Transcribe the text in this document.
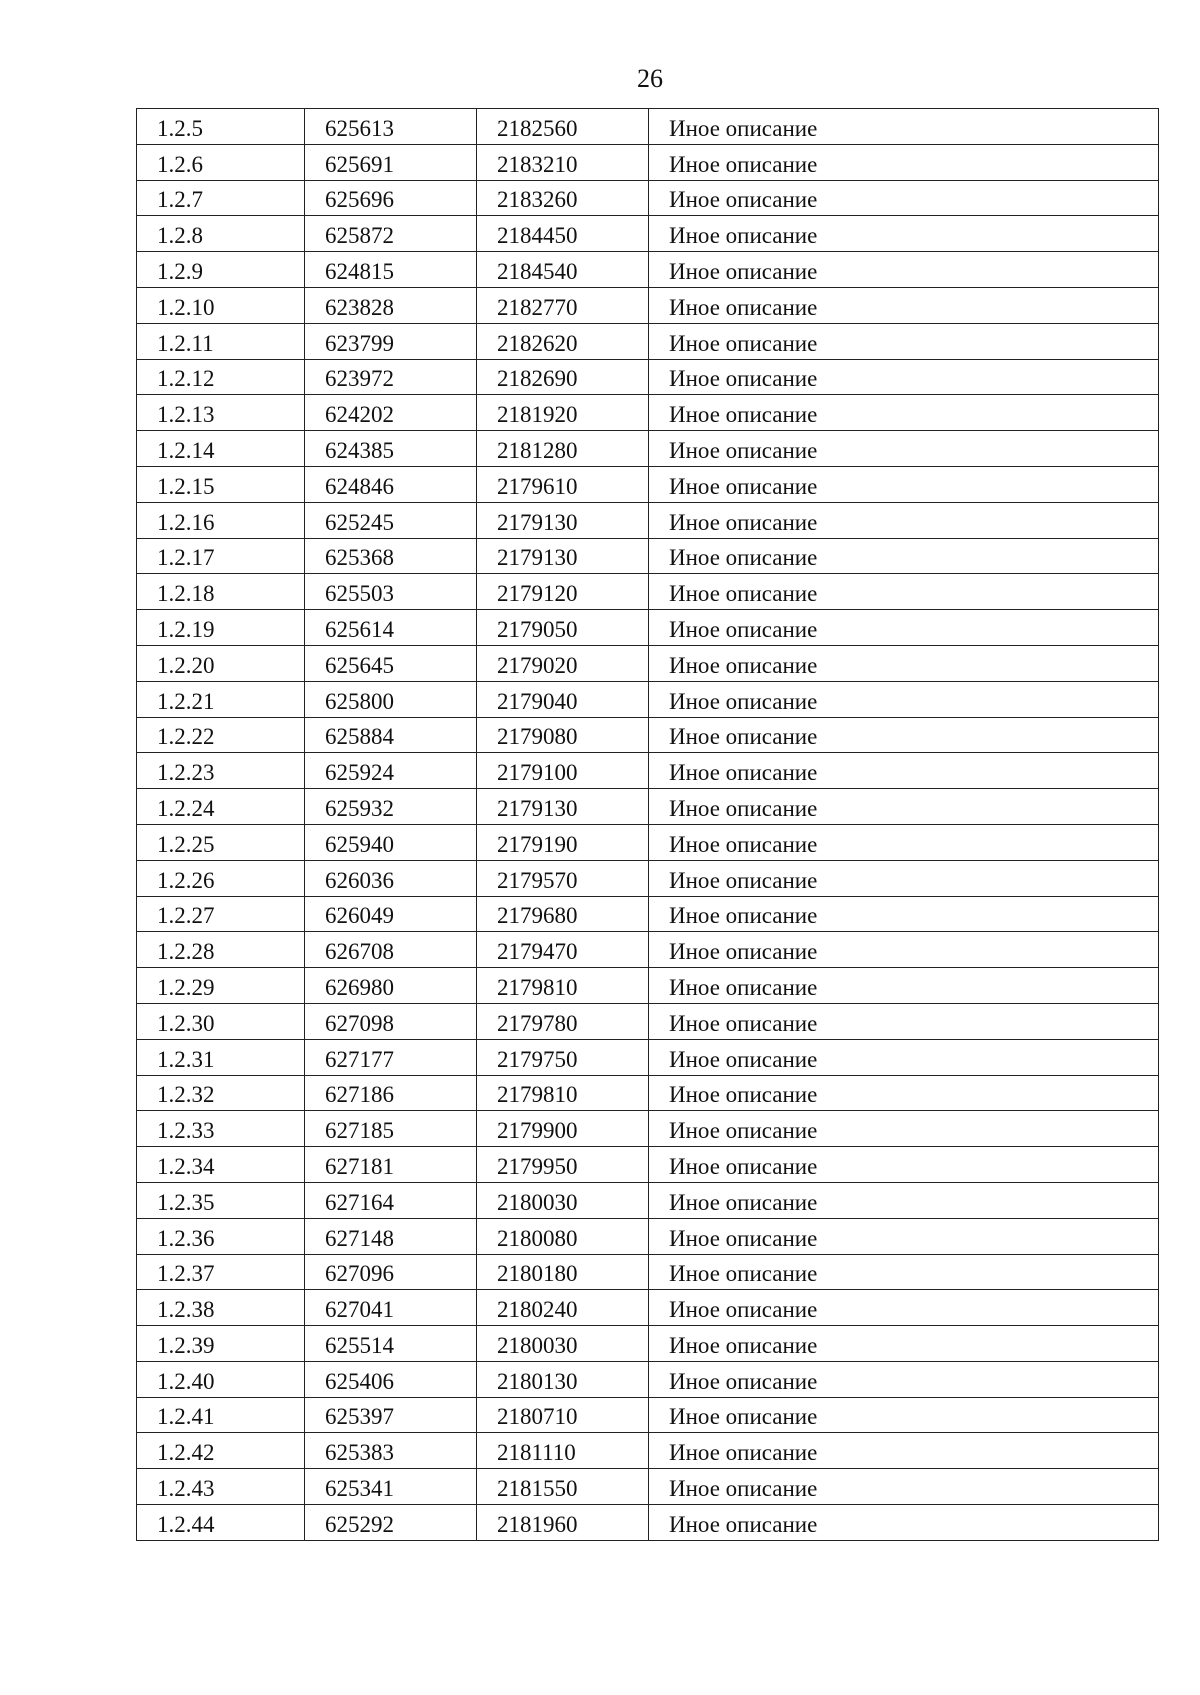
26
1.2.5	625613	2182560	Иное описание
1.2.6	625691	2183210	Иное описание
1.2.7	625696	2183260	Иное описание
1.2.8	625872	2184450	Иное описание
1.2.9	624815	2184540	Иное описание
1.2.10	623828	2182770	Иное описание
1.2.11	623799	2182620	Иное описание
1.2.12	623972	2182690	Иное описание
1.2.13	624202	2181920	Иное описание
1.2.14	624385	2181280	Иное описание
1.2.15	624846	2179610	Иное описание
1.2.16	625245	2179130	Иное описание
1.2.17	625368	2179130	Иное описание
1.2.18	625503	2179120	Иное описание
1.2.19	625614	2179050	Иное описание
1.2.20	625645	2179020	Иное описание
1.2.21	625800	2179040	Иное описание
1.2.22	625884	2179080	Иное описание
1.2.23	625924	2179100	Иное описание
1.2.24	625932	2179130	Иное описание
1.2.25	625940	2179190	Иное описание
1.2.26	626036	2179570	Иное описание
1.2.27	626049	2179680	Иное описание
1.2.28	626708	2179470	Иное описание
1.2.29	626980	2179810	Иное описание
1.2.30	627098	2179780	Иное описание
1.2.31	627177	2179750	Иное описание
1.2.32	627186	2179810	Иное описание
1.2.33	627185	2179900	Иное описание
1.2.34	627181	2179950	Иное описание
1.2.35	627164	2180030	Иное описание
1.2.36	627148	2180080	Иное описание
1.2.37	627096	2180180	Иное описание
1.2.38	627041	2180240	Иное описание
1.2.39	625514	2180030	Иное описание
1.2.40	625406	2180130	Иное описание
1.2.41	625397	2180710	Иное описание
1.2.42	625383	2181110	Иное описание
1.2.43	625341	2181550	Иное описание
1.2.44	625292	2181960	Иное описание
